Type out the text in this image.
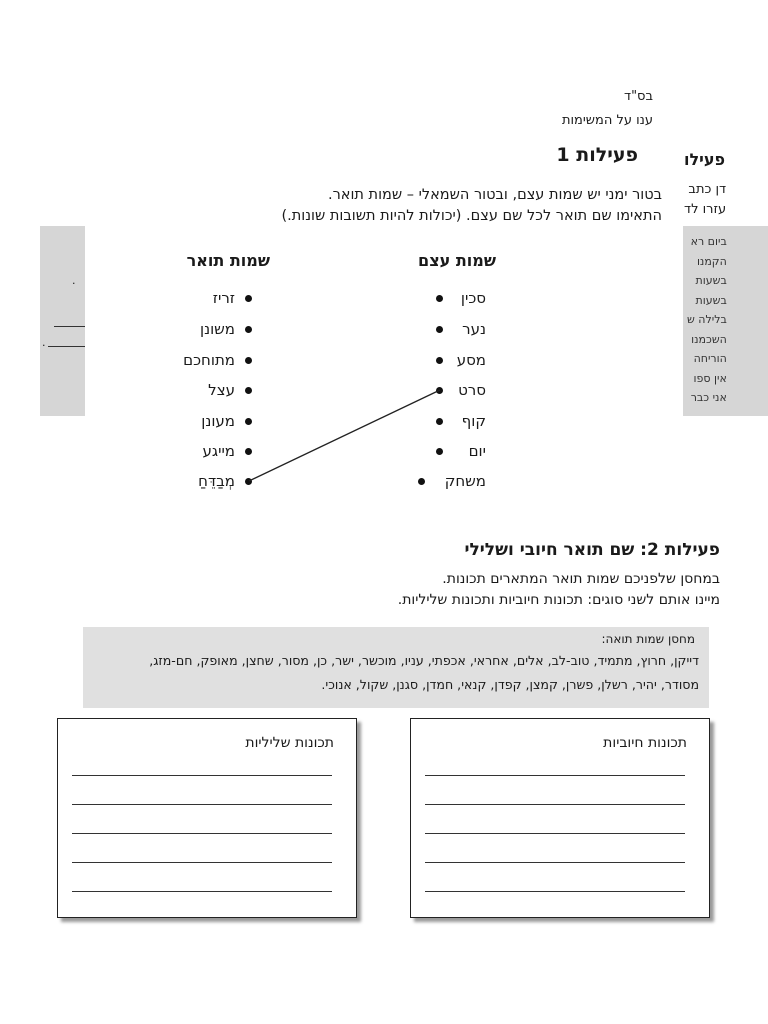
בס"ד
ענו על המשימות
פעילו
דן כתב
עזרו לד
ביום רא
הקמנו
בשעות
בשעות
בלילה ש
השכמנו
הוריחה
אין ספו
אני כבר
.
.
פעילות 1
בטור ימני יש שמות עצם, ובטור השמאלי – שמות תואר.
התאימו שם תואר לכל שם עצם. (יכולות להיות תשובות שונות.)
שמות עצם
שמות תואר
סכין
נער
מסע
סרט
קוף
יום
משחק
זריז
משונן
מתוחכם
עצל
מעונן
מייגע
מְבַדֵּחַ
פעילות 2: שם תואר חיובי ושלילי
במחסן שלפניכם שמות תואר המתארים תכונות.
מיינו אותם לשני סוגים: תכונות חיוביות ותכונות שליליות.
מחסן שמות תואה:
דייקן, חרוץ, מתמיד, טוב-לב, אלים, אחראי, אכפתי, עניו, מוכשר, ישר, כן, מסור, שחצן, מאופק, חם-מזג,
מסודר, יהיר, רשלן, פשרן, קמצן, קפדן, קנאי, חמדן, סגנן, שקול, אנוכי.
תכונות חיוביות
תכונות שליליות
